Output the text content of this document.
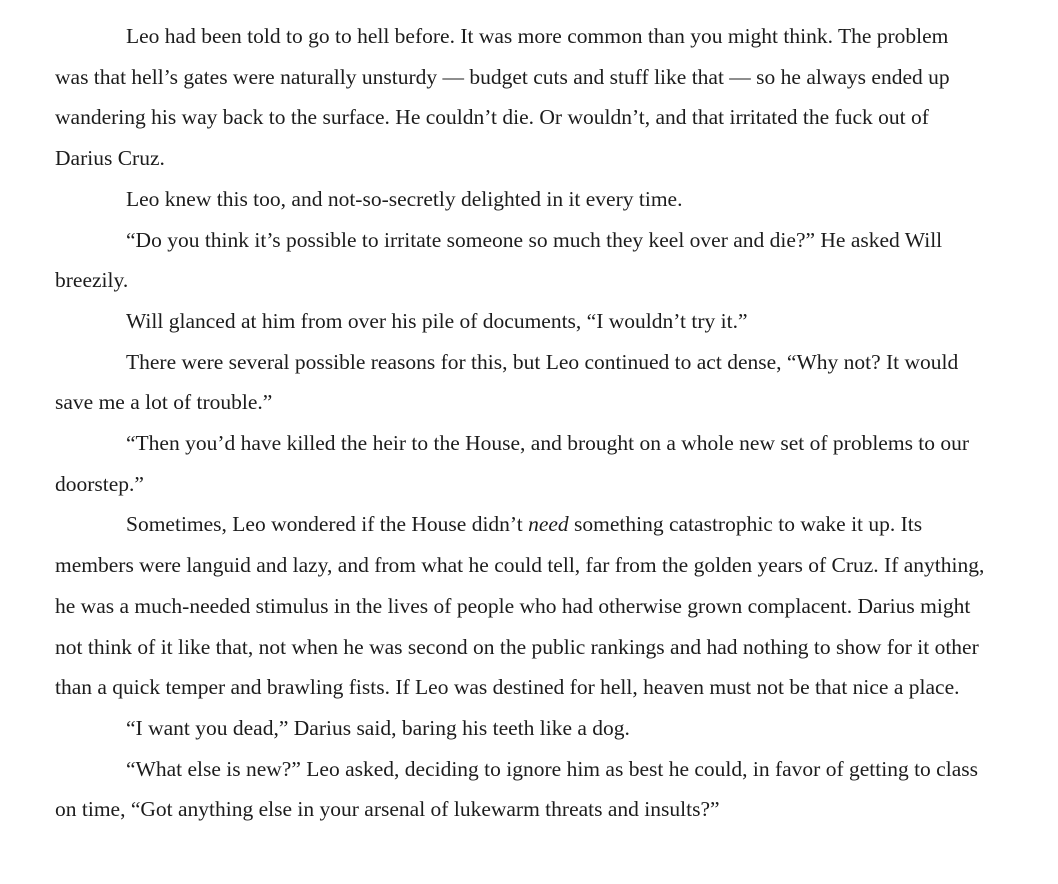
Leo had been told to go to hell before. It was more common than you might think. The problem was that hell’s gates were naturally unsturdy — budget cuts and stuff like that — so he always ended up wandering his way back to the surface. He couldn’t die. Or wouldn’t, and that irritated the fuck out of Darius Cruz.

Leo knew this too, and not-so-secretly delighted in it every time.

“Do you think it’s possible to irritate someone so much they keel over and die?” He asked Will breezily.

Will glanced at him from over his pile of documents, “I wouldn’t try it.”

There were several possible reasons for this, but Leo continued to act dense, “Why not? It would save me a lot of trouble.”

“Then you’d have killed the heir to the House, and brought on a whole new set of problems to our doorstep.”

Sometimes, Leo wondered if the House didn’t need something catastrophic to wake it up. Its members were languid and lazy, and from what he could tell, far from the golden years of Cruz. If anything, he was a much-needed stimulus in the lives of people who had otherwise grown complacent. Darius might not think of it like that, not when he was second on the public rankings and had nothing to show for it other than a quick temper and brawling fists. If Leo was destined for hell, heaven must not be that nice a place.

“I want you dead,” Darius said, baring his teeth like a dog.

“What else is new?” Leo asked, deciding to ignore him as best he could, in favor of getting to class on time, “Got anything else in your arsenal of lukewarm threats and insults?”
